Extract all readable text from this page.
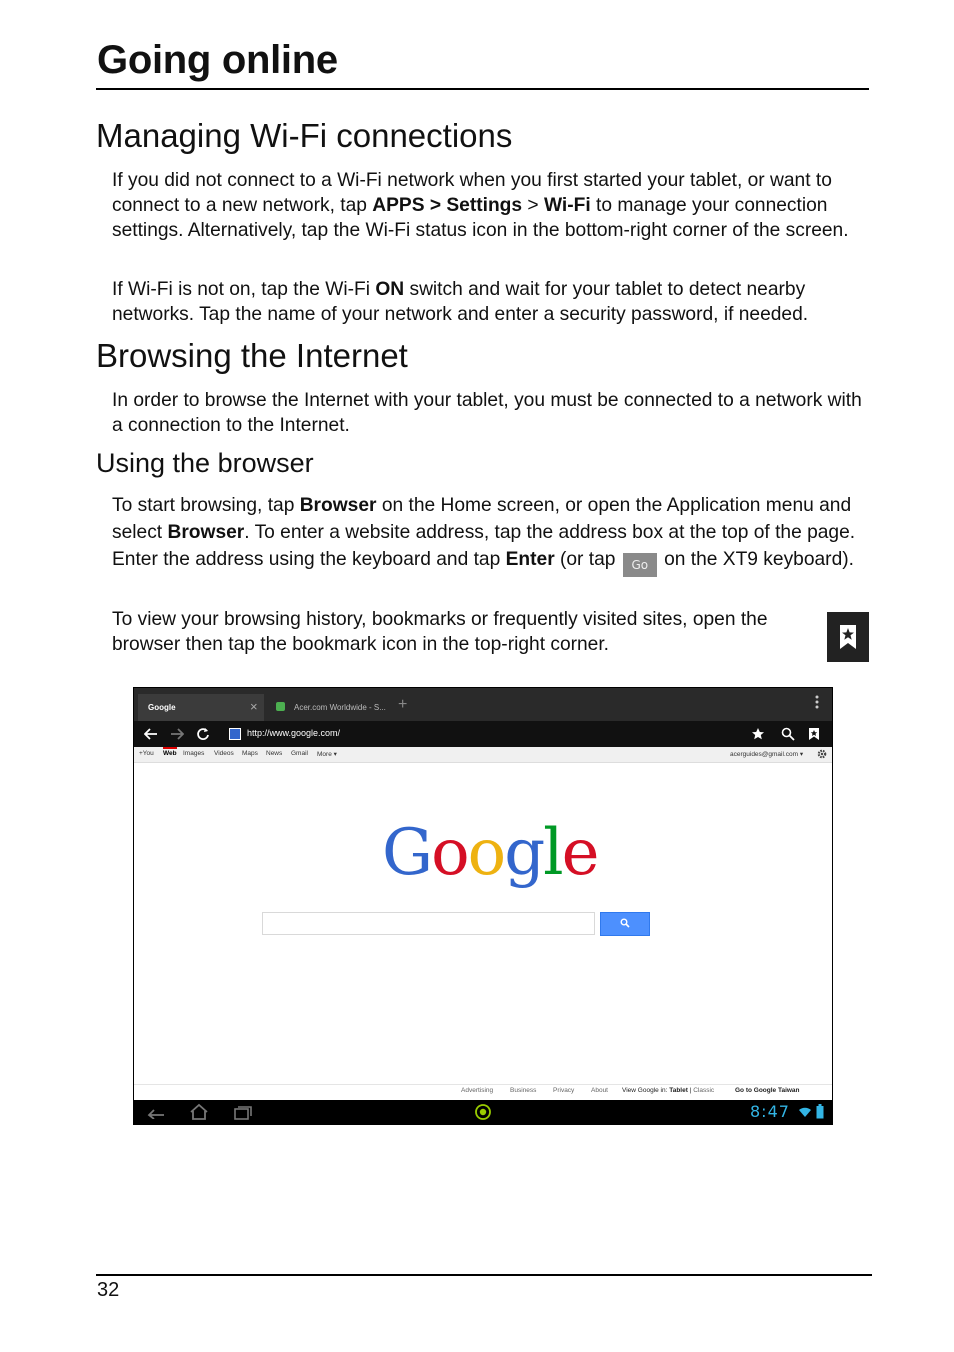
Going online
Managing Wi-Fi connections
If you did not connect to a Wi-Fi network when you first started your tablet, or want to connect to a new network, tap APPS > Settings > Wi-Fi to manage your connection settings. Alternatively, tap the Wi-Fi status icon in the bottom-right corner of the screen.
If Wi-Fi is not on, tap the Wi-Fi ON switch and wait for your tablet to detect nearby networks. Tap the name of your network and enter a security password, if needed.
Browsing the Internet
In order to browse the Internet with your tablet, you must be connected to a network with a connection to the Internet.
Using the browser
To start browsing, tap Browser on the Home screen, or open the Application menu and select Browser. To enter a website address, tap the address box at the top of the page. Enter the address using the keyboard and tap Enter (or tap Go on the XT9 keyboard).
To view your browsing history, bookmarks or frequently visited sites, open the browser then tap the bookmark icon in the top-right corner.
Google	×	Acer.com Worldwide - S... +
http://www.google.com/
+You Web Images Videos Maps News Gmail More ▾	acerguides@gmail.com ▾
Google
Advertising	Business	Privacy	About View Google in: Tablet | Classic	Go to Google Taiwan
8:47
32
